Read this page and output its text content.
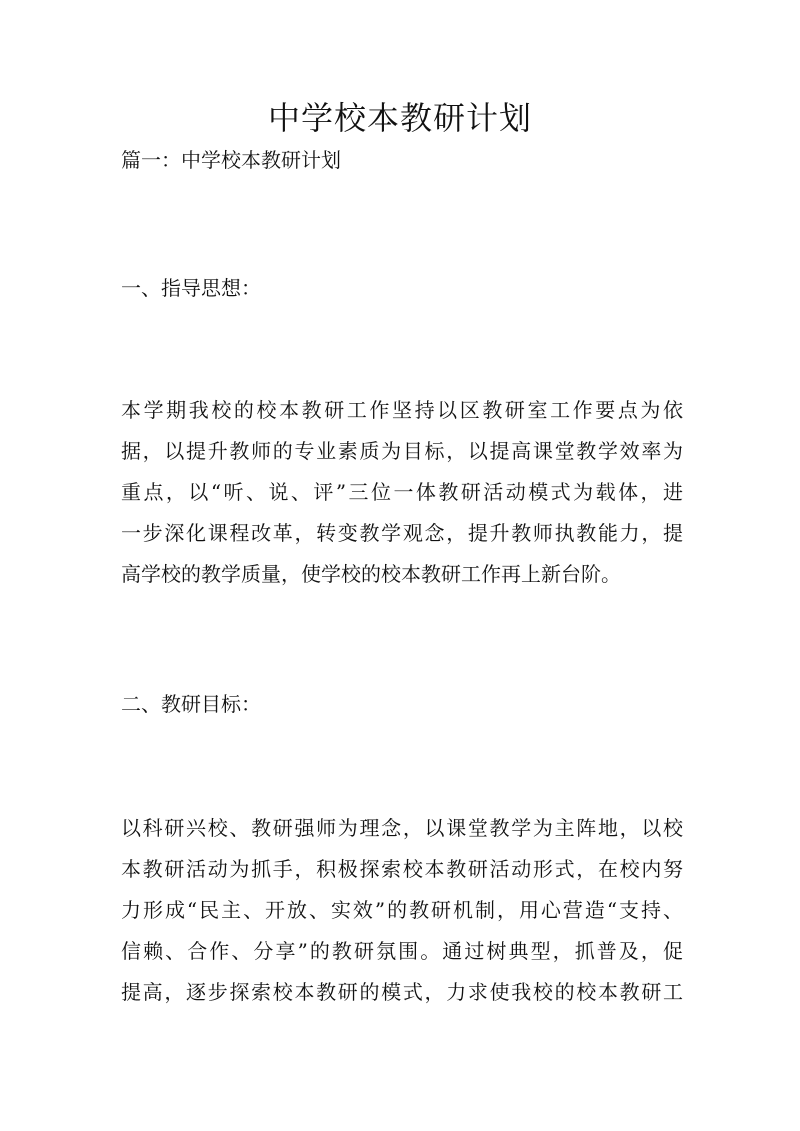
中学校本教研计划

篇一：中学校本教研计划

一、指导思想：

本学期我校的校本教研工作坚持以区教研室工作要点为依
据，以提升教师的专业素质为目标，以提高课堂教学效率为
重点，以“听、说、评”三位一体教研活动模式为载体，进
一步深化课程改革，转变教学观念，提升教师执教能力，提
高学校的教学质量，使学校的校本教研工作再上新台阶。

二、教研目标：

以科研兴校、教研强师为理念，以课堂教学为主阵地，以校
本教研活动为抓手，积极探索校本教研活动形式，在校内努
力形成“民主、开放、实效”的教研机制，用心营造“支持、
信赖、合作、分享”的教研氛围。通过树典型，抓普及，促
提高，逐步探索校本教研的模式，力求使我校的校本教研工
